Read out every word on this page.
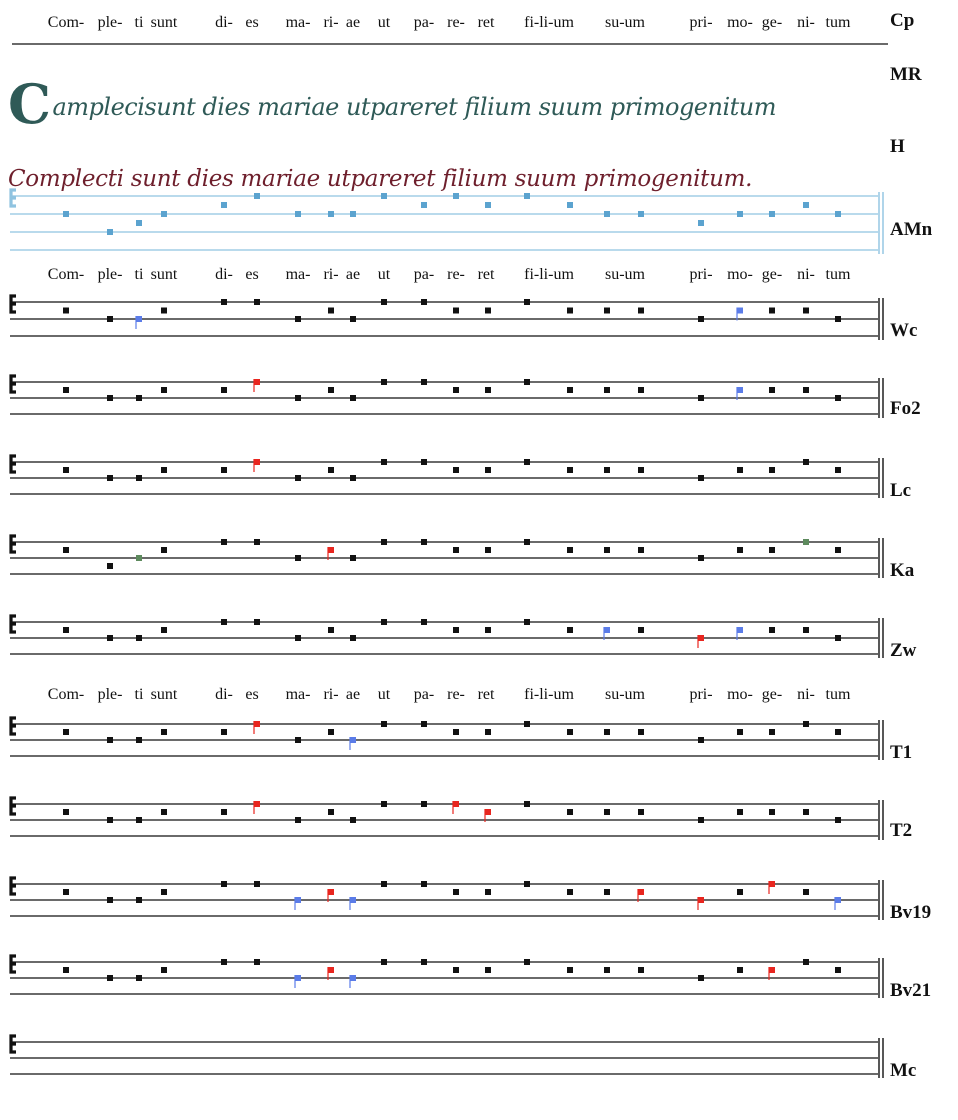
Com- ple- ti sunt di- es ma- ri- ae ut pa- re- ret fi-li-um su-um	pri- mo- ge- ni- tum Cp
Camplecisunt dies mariae utpareret filium suum primogenitum
MR
Complecti sunt dies mariae utpareret filium suum primogenitum.
H
AMn
Wc
Fo2
Lc
Ka
Zw
T1
T2
Bv19
Bv21
Mc
Com- ple- ti sunt di- es ma- ri- ae ut pa- re- ret fi-li-um su-um	pri- mo- ge- ni- tum
Com- ple- ti sunt di- es ma- ri- ae ut pa- re- ret fi-li-um su-um	pri- mo- ge- ni- tum
